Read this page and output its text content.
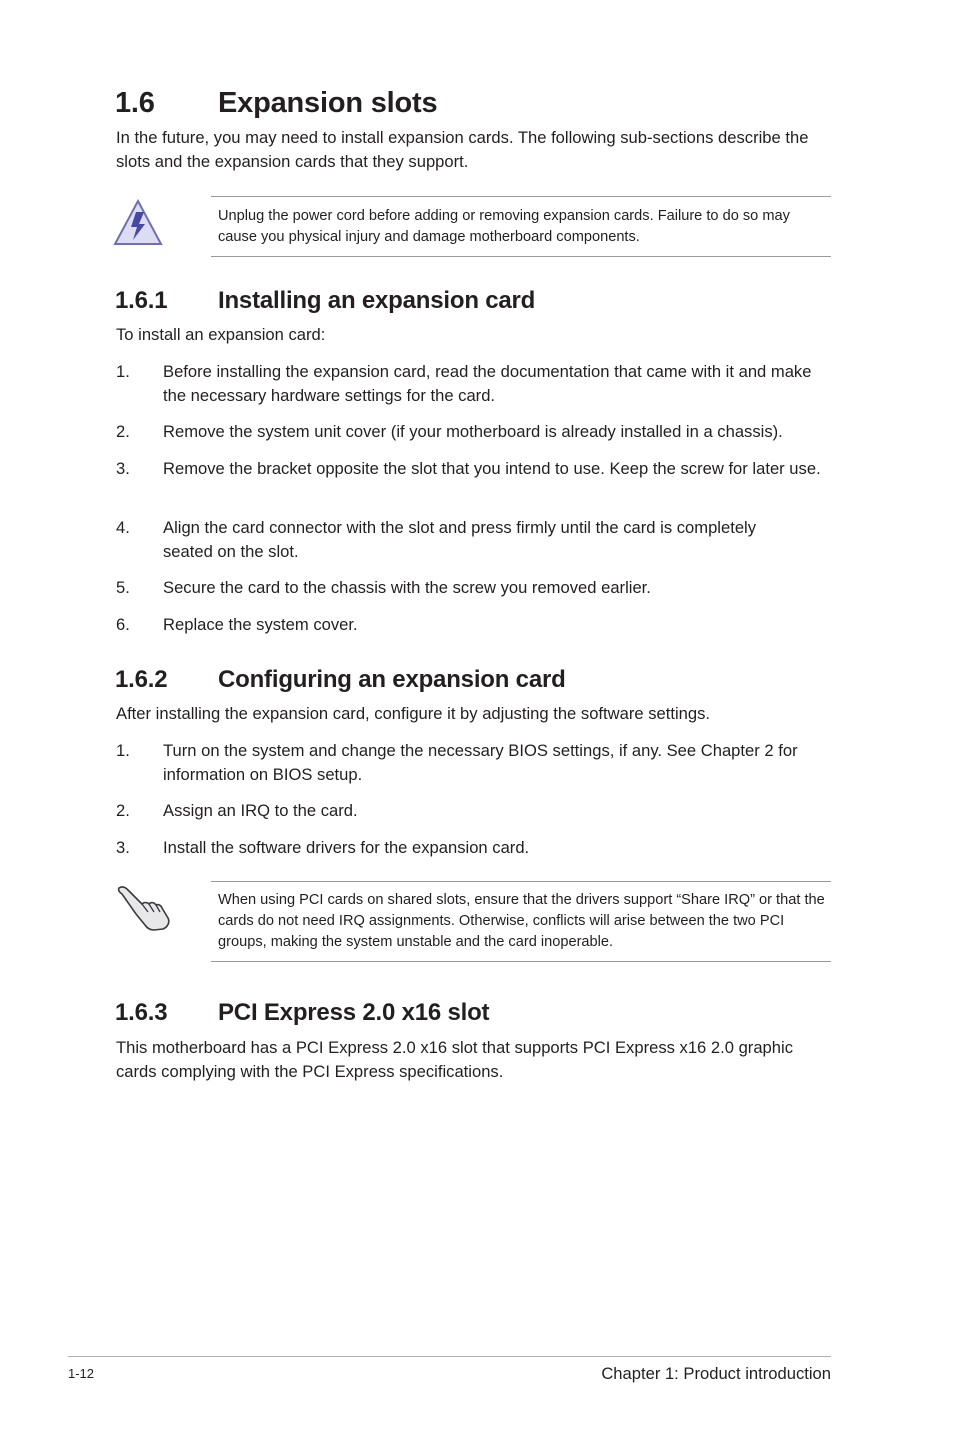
1.6 Expansion slots
In the future, you may need to install expansion cards. The following sub-sections describe the slots and the expansion cards that they support.
Unplug the power cord before adding or removing expansion cards. Failure to do so may cause you physical injury and damage motherboard components.
1.6.1 Installing an expansion card
To install an expansion card:
1. Before installing the expansion card, read the documentation that came with it and make the necessary hardware settings for the card.
2. Remove the system unit cover (if your motherboard is already installed in a chassis).
3. Remove the bracket opposite the slot that you intend to use. Keep the screw for later use.
4. Align the card connector with the slot and press firmly until the card is completely seated on the slot.
5. Secure the card to the chassis with the screw you removed earlier.
6. Replace the system cover.
1.6.2 Configuring an expansion card
After installing the expansion card, configure it by adjusting the software settings.
1. Turn on the system and change the necessary BIOS settings, if any. See Chapter 2 for information on BIOS setup.
2. Assign an IRQ to the card.
3. Install the software drivers for the expansion card.
When using PCI cards on shared slots, ensure that the drivers support “Share IRQ” or that the cards do not need IRQ assignments. Otherwise, conflicts will arise between the two PCI groups, making the system unstable and the card inoperable.
1.6.3 PCI Express 2.0 x16 slot
This motherboard has a PCI Express 2.0 x16 slot that supports PCI Express x16 2.0 graphic cards complying with the PCI Express specifications.
1-12	Chapter 1: Product introduction
